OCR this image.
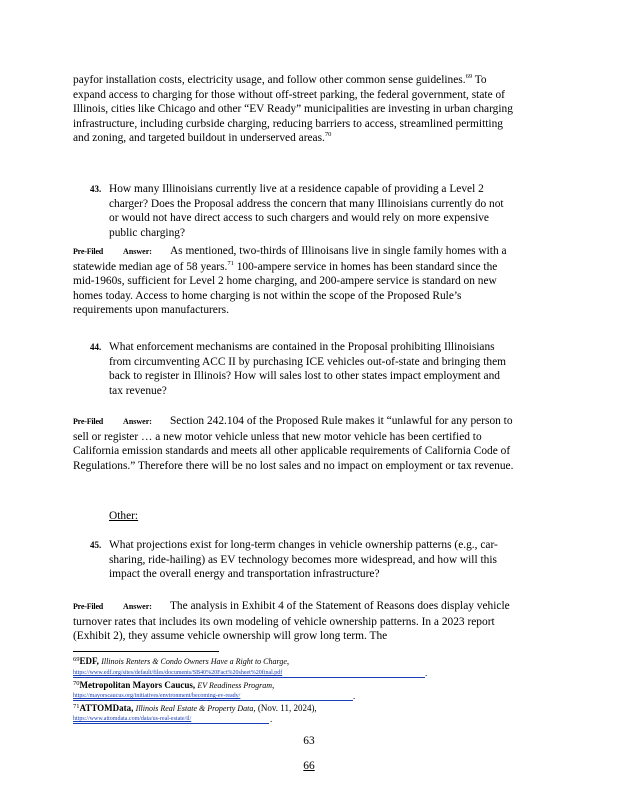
payfor installation costs, electricity usage, and follow other common sense guidelines.$^{69}$ To expand access to charging for those without off-street parking, the federal government, state of Illinois, cities like Chicago and other “EV Ready” municipalities are investing in urban charging infrastructure, including curbside charging, reducing barriers to access, streamlined permitting and zoning, and targeted buildout in underserved areas.$^{70}$
43. How many Illinoisians currently live at a residence capable of providing a Level 2 charger? Does the Proposal address the concern that many Illinoisians currently do not or would not have direct access to such chargers and would rely on more expensive public charging?
Pre-Filed	Answer: As mentioned, two-thirds of Illinoisans live in single family homes with a statewide median age of 58 years.$^{71}$ 100-ampere service in homes has been standard since the mid-1960s, sufficient for Level 2 home charging, and 200-ampere service is standard on new homes today. Access to home charging is not within the scope of the Proposed Rule’s requirements upon manufacturers.
44. What enforcement mechanisms are contained in the Proposal prohibiting Illinoisians from circumventing ACC II by purchasing ICE vehicles out-of-state and bringing them back to register in Illinois? How will sales lost to other states impact employment and tax revenue?
Pre-Filed	Answer: Section 242.104 of the Proposed Rule makes it “unlawful for any person to sell or register … a new motor vehicle unless that new motor vehicle has been certified to California emission standards and meets all other applicable requirements of California Code of Regulations.” Therefore there will be no lost sales and no impact on employment or tax revenue.
Other:
45. What projections exist for long-term changes in vehicle ownership patterns (e.g., car-sharing, ride-hailing) as EV technology becomes more widespread, and how will this impact the overall energy and transportation infrastructure?
Pre-Filed	Answer: The analysis in Exhibit 4 of the Statement of Reasons does display vehicle turnover rates that includes its own modeling of vehicle ownership patterns. In a 2023 report (Exhibit 2), they assume vehicle ownership will grow long term. The
$^{69}$EDF, Illinois Renters & Condo Owners Have a Right to Charge,
https://www.edf.org/sites/default/files/documents/SB40%20Fact%20sheet%20final.pdf	.
$^{70}$Metropolitan Mayors Caucus, EV Readiness Program,
https://mayorscaucus.org/initiatives/environment/becoming-ev-ready/	.
$^{71}$ATTOMData, Illinois Real Estate & Property Data, (Nov. 11, 2024),
https://www.attomdata.com/data/us-real-estate/il/	.
63
66
